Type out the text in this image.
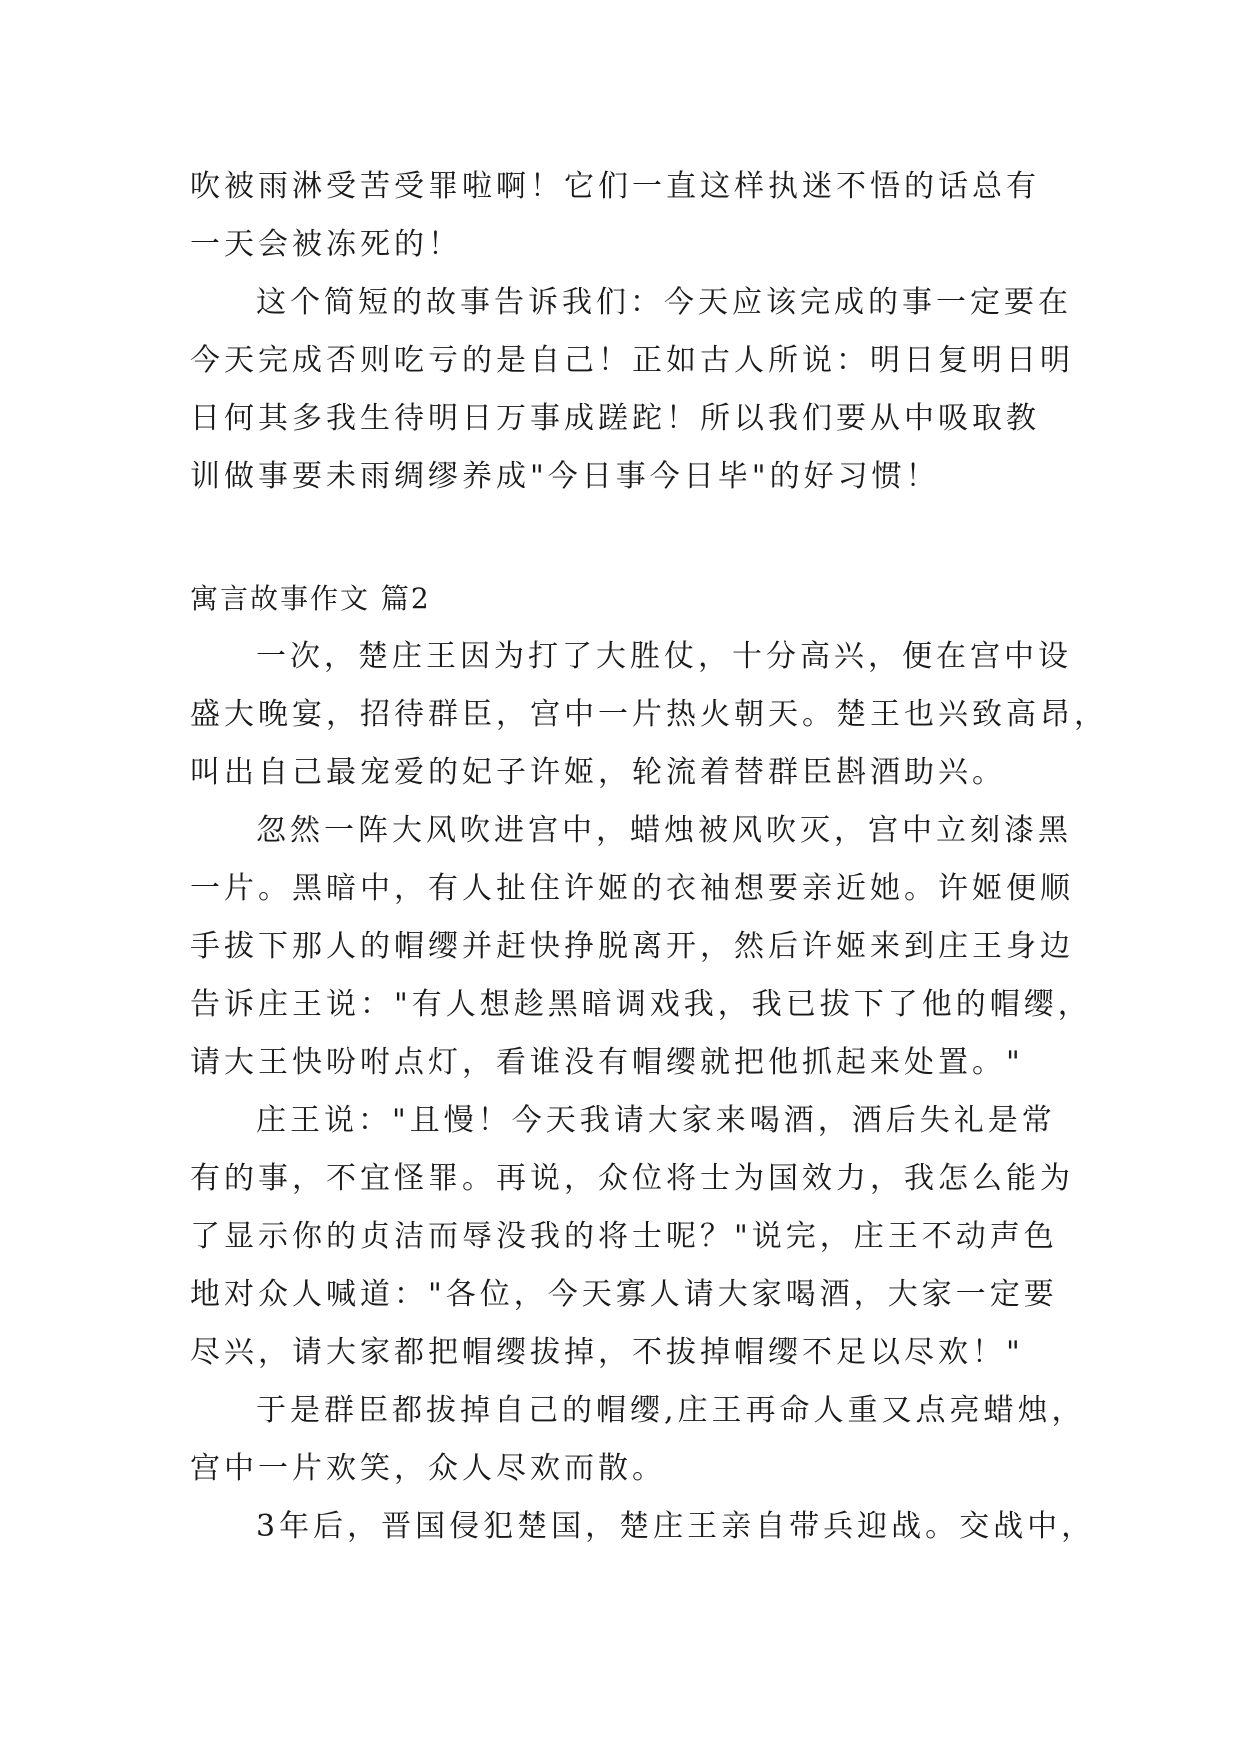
吹被雨淋受苦受罪啦啊！它们一直这样执迷不悟的话总有
一天会被冻死的！
这个简短的故事告诉我们：今天应该完成的事一定要在
今天完成否则吃亏的是自己！正如古人所说：明日复明日明
日何其多我生待明日万事成蹉跎！所以我们要从中吸取教
训做事要未雨绸缪养成"今日事今日毕"的好习惯！
寓言故事作文 篇2
一次，楚庄王因为打了大胜仗，十分高兴，便在宫中设
盛大晚宴，招待群臣，宫中一片热火朝天。楚王也兴致高昂，
叫出自己最宠爱的妃子许姬，轮流着替群臣斟酒助兴。
忽然一阵大风吹进宫中，蜡烛被风吹灭，宫中立刻漆黑
一片。黑暗中，有人扯住许姬的衣袖想要亲近她。许姬便顺
手拔下那人的帽缨并赶快挣脱离开，然后许姬来到庄王身边
告诉庄王说："有人想趁黑暗调戏我，我已拔下了他的帽缨，
请大王快吩咐点灯，看谁没有帽缨就把他抓起来处置。"
庄王说："且慢！今天我请大家来喝酒，酒后失礼是常
有的事，不宜怪罪。再说，众位将士为国效力，我怎么能为
了显示你的贞洁而辱没我的将士呢？"说完，庄王不动声色
地对众人喊道："各位，今天寡人请大家喝酒，大家一定要
尽兴，请大家都把帽缨拔掉，不拔掉帽缨不足以尽欢！"
于是群臣都拔掉自己的帽缨,庄王再命人重又点亮蜡烛，
宫中一片欢笑，众人尽欢而散。
3年后，晋国侵犯楚国，楚庄王亲自带兵迎战。交战中，
